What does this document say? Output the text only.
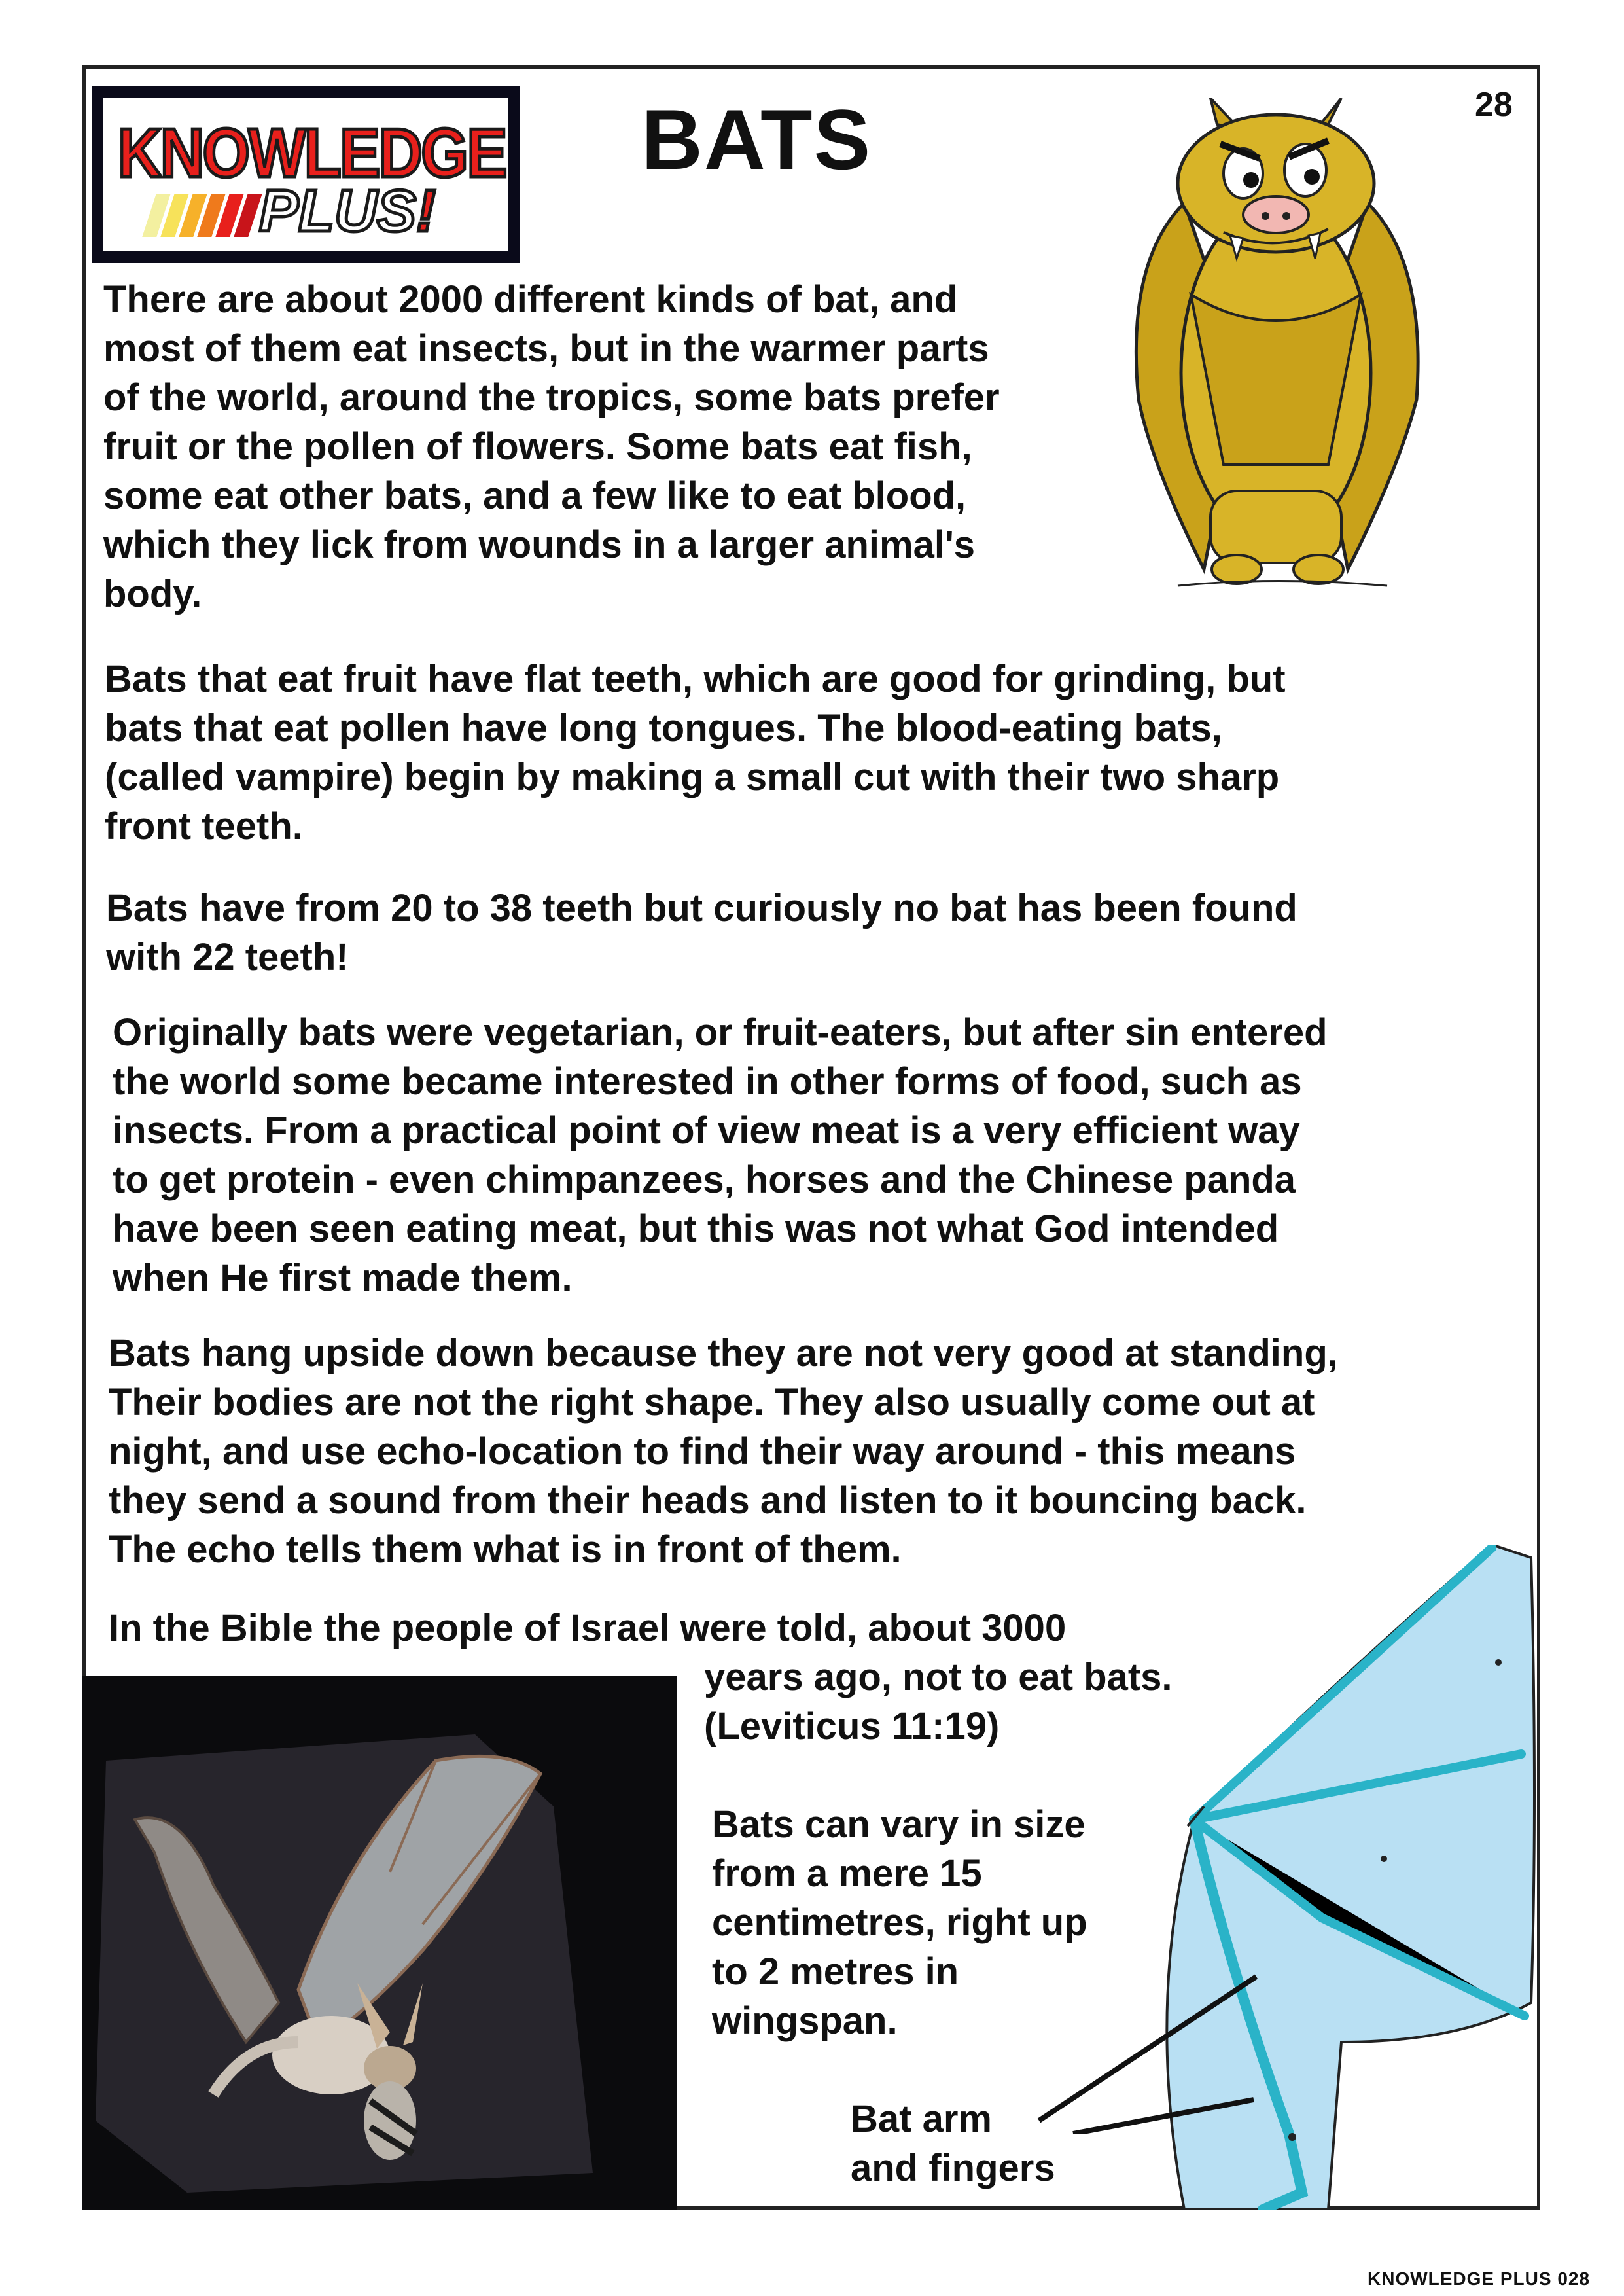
KNOWLEDGE
PLUS!
BATS	28

There are about 2000 different kinds of bat, and
most of them eat insects, but in the warmer parts
of the world, around the tropics, some bats prefer
fruit or the pollen of flowers. Some bats eat fish,
some eat other bats, and a few like to eat blood,
which they lick from wounds in a larger animal's
body.

Bats that eat fruit have flat teeth, which are good for grinding, but
bats that eat pollen have long tongues. The blood-eating bats,
(called vampire) begin by making a small cut with their two sharp
front teeth.

Bats have from 20 to 38 teeth but curiously no bat has been found
with 22 teeth!

Originally bats were vegetarian, or fruit-eaters, but after sin entered
the world some became interested in other forms of food, such as
insects. From a practical point of view meat is a very efficient way
to get protein - even chimpanzees, horses and the Chinese panda
have been seen eating meat, but this was not what God intended
when He first made them.

Bats hang upside down because they are not very good at standing,
Their bodies are not the right shape. They also usually come out at
night, and use echo-location to find their way around - this means
they send a sound from their heads and listen to it bouncing back.
The echo tells them what is in front of them.

In the Bible the people of Israel were told, about 3000

years ago, not to eat bats.
(Leviticus 11:19)

Bats can vary in size
from a mere 15
centimetres, right up
to 2 metres in
wingspan.

Bat arm
and fingers

KNOWLEDGE PLUS 028
